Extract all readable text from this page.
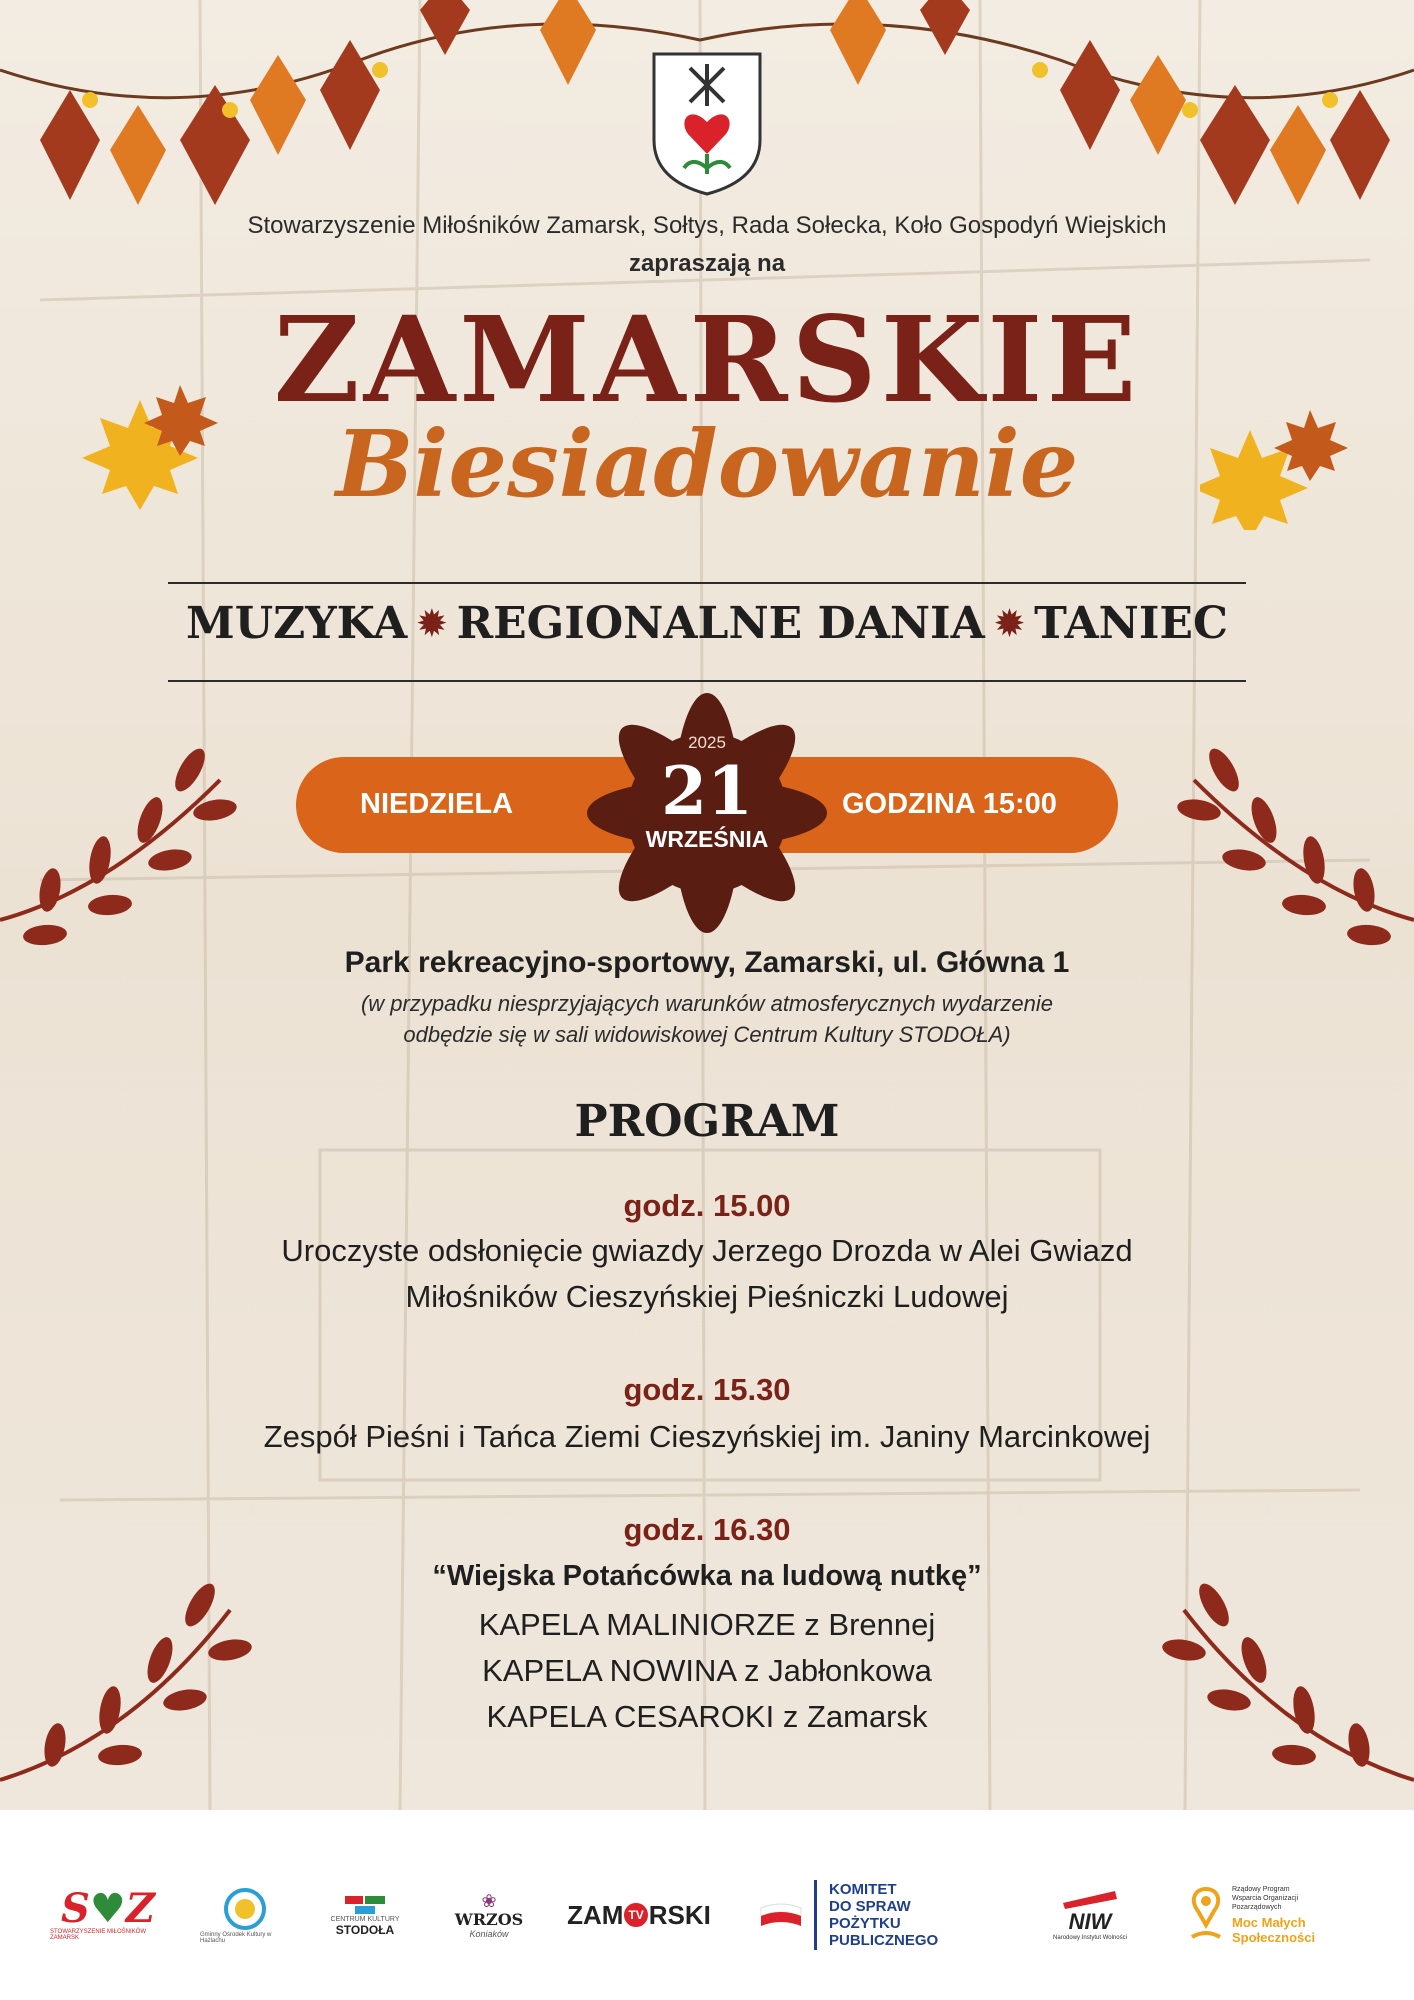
Stowarzyszenie Miłośników Zamarsk, Sołtys, Rada Sołecka, Koło Gospodyń Wiejskich
zapraszają na
ZAMARSKIE
Biesiadowanie
MUZYKA ✹ REGIONALNE DANIA ✹ TANIEC
NIEDZIELA	GODZINA 15:00
2025
21
WRZEŚNIA
Park rekreacyjno-sportowy, Zamarski, ul. Główna 1
(w przypadku niesprzyjających warunków atmosferycznych wydarzenie
odbędzie się w sali widowiskowej Centrum Kultury STODOŁA)
PROGRAM
godz. 15.00
Uroczyste odsłonięcie gwiazdy Jerzego Drozda w Alei Gwiazd
Miłośników Cieszyńskiej Pieśniczki Ludowej
godz. 15.30
Zespół Pieśni i Tańca Ziemi Cieszyńskiej im. Janiny Marcinkowej
godz. 16.30
“Wiejska Potańcówka na ludową nutkę”
KAPELA MALINIORZE z Brennej
KAPELA NOWINA z Jabłonkowa
KAPELA CESAROKI z Zamarsk
S♥Z
STOWARZYSZENIE MIŁOŚNIKÓW ZAMARSK	Gminny Ośrodek Kultury w Hażlachu
CENTRUM KULTURY
STODOŁA
❀
WRZOS
Koniaków
ZAM TV RSKI
KOMITET
DO SPRAW
POŻYTKU
PUBLICZNEGO
NIW
Narodowy Instytut Wolności
Rządowy Program
Wsparcia Organizacji
Pozarządowych
Moc Małych
Społeczności
